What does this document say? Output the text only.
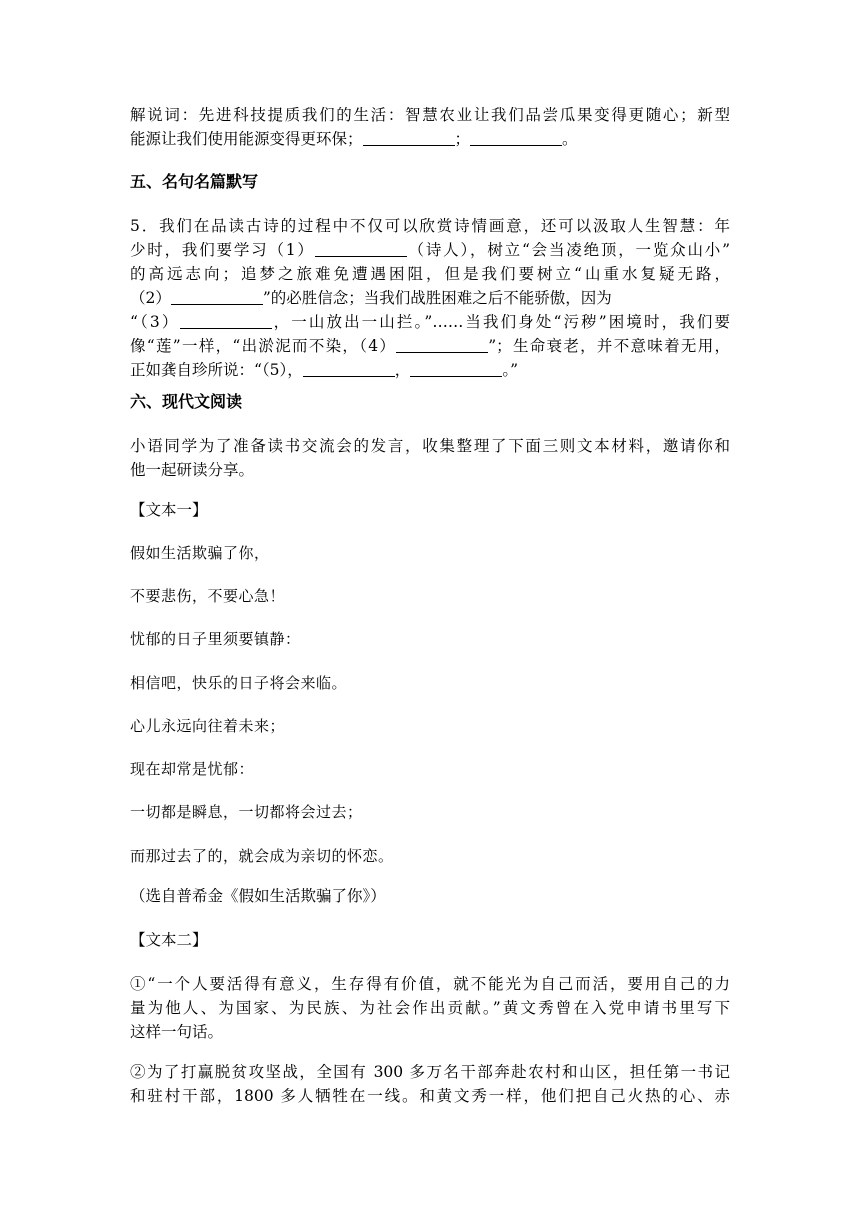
解说词：先进科技提质我们的生活：智慧农业让我们品尝瓜果变得更随心；新型
能源让我们使用能源变得更环保；	；	。

五、名句名篇默写

5．我们在品读古诗的过程中不仅可以欣赏诗情画意，还可以汲取人生智慧：年
少时，我们要学习（1）	（诗人），树立“会当凌绝顶，一览众山小”
的高远志向；追梦之旅难免遭遇困阻，但是我们要树立“山重水复疑无路，
（2）	”的必胜信念；当我们战胜困难之后不能骄傲，因为
“（3）	，一山放出一山拦。”……当我们身处“污秽”困境时，我们要
像“莲”一样，“出淤泥而不染，（4）	”；生命衰老，并不意味着无用，
正如龚自珍所说：“（5），	，	。”

六、现代文阅读

小语同学为了准备读书交流会的发言，收集整理了下面三则文本材料，邀请你和
他一起研读分享。

【文本一】
假如生活欺骗了你，
不要悲伤，不要心急！
忧郁的日子里须要镇静：
相信吧，快乐的日子将会来临。
心儿永远向往着未来；
现在却常是忧郁：
一切都是瞬息，一切都将会过去；
而那过去了的，就会成为亲切的怀恋。
（选自普希金《假如生活欺骗了你》）
【文本二】

①“一个人要活得有意义，生存得有价值，就不能光为自己而活，要用自己的力
量为他人、为国家、为民族、为社会作出贡献。”黄文秀曾在入党申请书里写下
这样一句话。

②为了打赢脱贫攻坚战，全国有 300 多万名干部奔赴农村和山区，担任第一书记
和驻村干部，1800 多人牺牲在一线。和黄文秀一样，他们把自己火热的心、赤
